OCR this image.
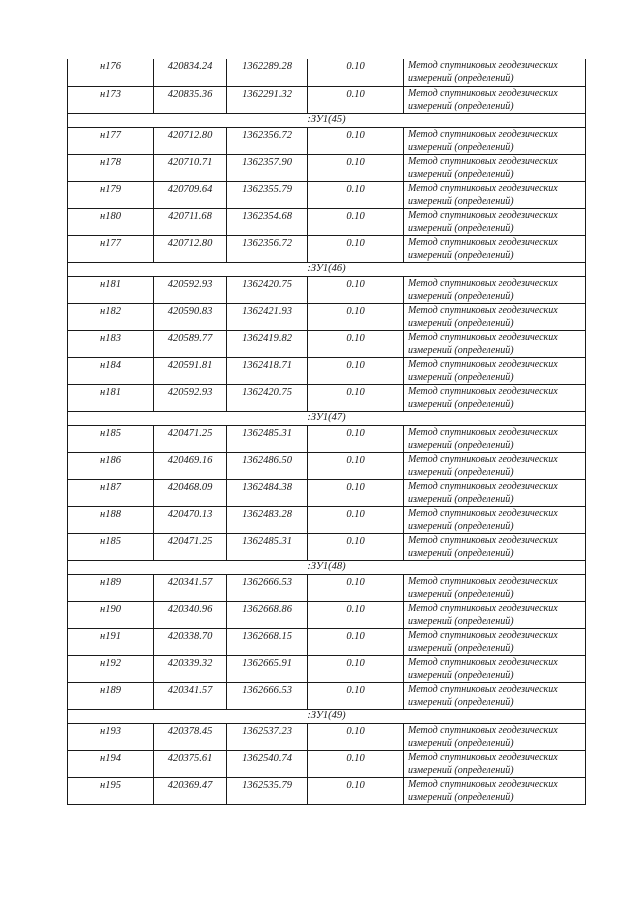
н176	420834.24	1362289.28	0.10	Метод спутниковых геодезических измерений (определений)
н173	420835.36	1362291.32	0.10	Метод спутниковых геодезических измерений (определений)
:ЗУ1(45)				
н177	420712.80	1362356.72	0.10	Метод спутниковых геодезических измерений (определений)
н178	420710.71	1362357.90	0.10	Метод спутниковых геодезических измерений (определений)
н179	420709.64	1362355.79	0.10	Метод спутниковых геодезических измерений (определений)
н180	420711.68	1362354.68	0.10	Метод спутниковых геодезических измерений (определений)
н177	420712.80	1362356.72	0.10	Метод спутниковых геодезических измерений (определений)
:ЗУ1(46)				
н181	420592.93	1362420.75	0.10	Метод спутниковых геодезических измерений (определений)
н182	420590.83	1362421.93	0.10	Метод спутниковых геодезических измерений (определений)
н183	420589.77	1362419.82	0.10	Метод спутниковых геодезических измерений (определений)
н184	420591.81	1362418.71	0.10	Метод спутниковых геодезических измерений (определений)
н181	420592.93	1362420.75	0.10	Метод спутниковых геодезических измерений (определений)
:ЗУ1(47)				
н185	420471.25	1362485.31	0.10	Метод спутниковых геодезических измерений (определений)
н186	420469.16	1362486.50	0.10	Метод спутниковых геодезических измерений (определений)
н187	420468.09	1362484.38	0.10	Метод спутниковых геодезических измерений (определений)
н188	420470.13	1362483.28	0.10	Метод спутниковых геодезических измерений (определений)
н185	420471.25	1362485.31	0.10	Метод спутниковых геодезических измерений (определений)
:ЗУ1(48)				
н189	420341.57	1362666.53	0.10	Метод спутниковых геодезических измерений (определений)
н190	420340.96	1362668.86	0.10	Метод спутниковых геодезических измерений (определений)
н191	420338.70	1362668.15	0.10	Метод спутниковых геодезических измерений (определений)
н192	420339.32	1362665.91	0.10	Метод спутниковых геодезических измерений (определений)
н189	420341.57	1362666.53	0.10	Метод спутниковых геодезических измерений (определений)
:ЗУ1(49)				
н193	420378.45	1362537.23	0.10	Метод спутниковых геодезических измерений (определений)
н194	420375.61	1362540.74	0.10	Метод спутниковых геодезических измерений (определений)
н195	420369.47	1362535.79	0.10	Метод спутниковых геодезических измерений (определений)
